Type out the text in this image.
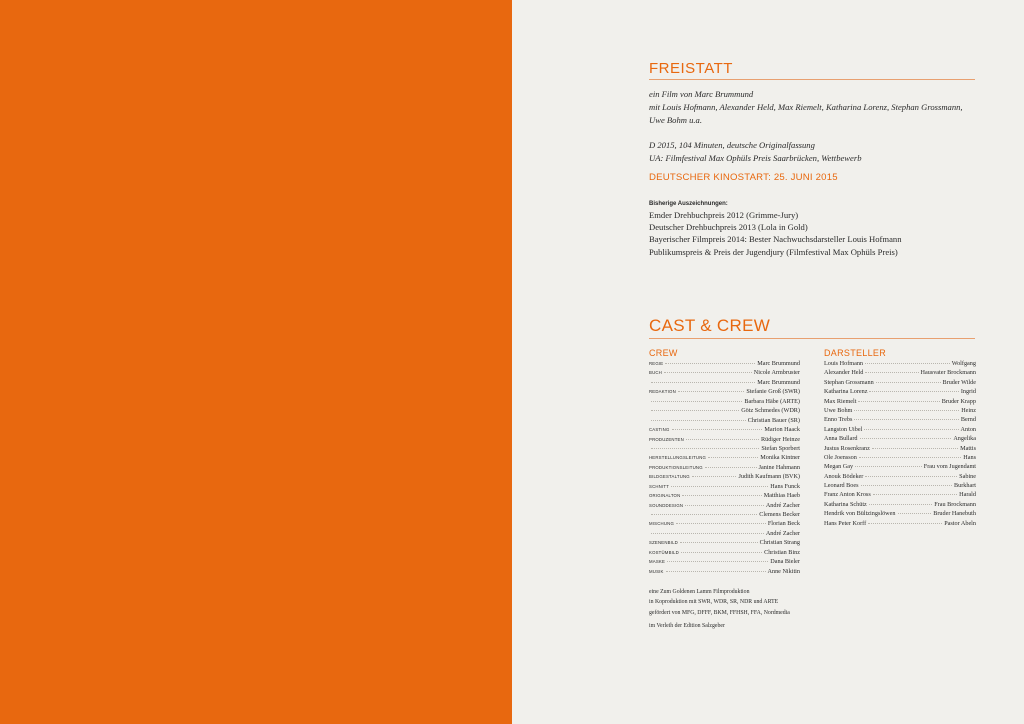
FREISTATT
ein Film von Marc Brummund
mit Louis Hofmann, Alexander Held, Max Riemelt, Katharina Lorenz, Stephan Grossmann,
Uwe Bohm u.a.
D 2015, 104 Minuten, deutsche Originalfassung
UA: Filmfestival Max Ophüls Preis Saarbrücken, Wettbewerb
DEUTSCHER KINOSTART: 25. JUNI 2015
Bisherige Auszeichnungen:
Emder Drehbuchpreis 2012 (Grimme-Jury)
Deutscher Drehbuchpreis 2013 (Lola in Gold)
Bayerischer Filmpreis 2014: Bester Nachwuchsdarsteller Louis Hofmann
Publikumspreis & Preis der Jugendjury (Filmfestival Max Ophüls Preis)
CAST & CREW
CREW	DARSTELLER
REGIE	Marc Brummund
BUCH	Nicole Armbruster
Marc Brummund
REDAKTION	Stefanie Groß (SWR)
Barbara Häbe (ARTE)
Götz Schmedes (WDR)
Christian Bauer (SR)
CASTING	Marion Haack
PRODUZENTEN	Rüdiger Heinze
Stefan Sporbert
HERSTELLUNGSLEITUNG	Monika Kintner
PRODUKTIONSLEITUNG	Janine Hahmann
BILDGESTALTUNG	Judith Kaufmann (BVK)
SCHNITT	Hans Funck
ORIGINALTON	Matthias Haeb
SOUNDDESIGN	André Zacher
Clemens Becker
MISCHUNG	Florian Beck
André Zacher
SZENENBILD	Christian Strang
KOSTÜMBILD	Christian Binz
MASKE	Dana Bieler
MUSIK	Anne Nikitin
Louis Hofmann	Wolfgang
Alexander Held	Hausvater Brockmann
Stephan Grossmann	Bruder Wilde
Katharina Lorenz	Ingrid
Max Riemelt	Bruder Krapp
Uwe Bohm	Heinz
Enno Trebs	Bernd
Langston Uibel	Anton
Anna Bullard	Angelika
Justus Rosenkranz	Mattis
Ole Joensson	Hans
Megan Gay	Frau vom Jugendamt
Anouk Bödeker	Sabine
Leonard Boes	Burkhart
Franz Anton Kross	Harald
Katharina Schütz	Frau Brockmann
Hendrik von Bültzingslöwen	Bruder Hanebuth
Hans Peter Korff	Pastor Abeln
eine Zum Goldenen Lamm Filmproduktion
in Koproduktion mit SWR, WDR, SR, NDR und ARTE
gefördert von MFG, DFFF, BKM, FFHSH, FFA, Nordmedia
im Verleih der Edition Salzgeber
